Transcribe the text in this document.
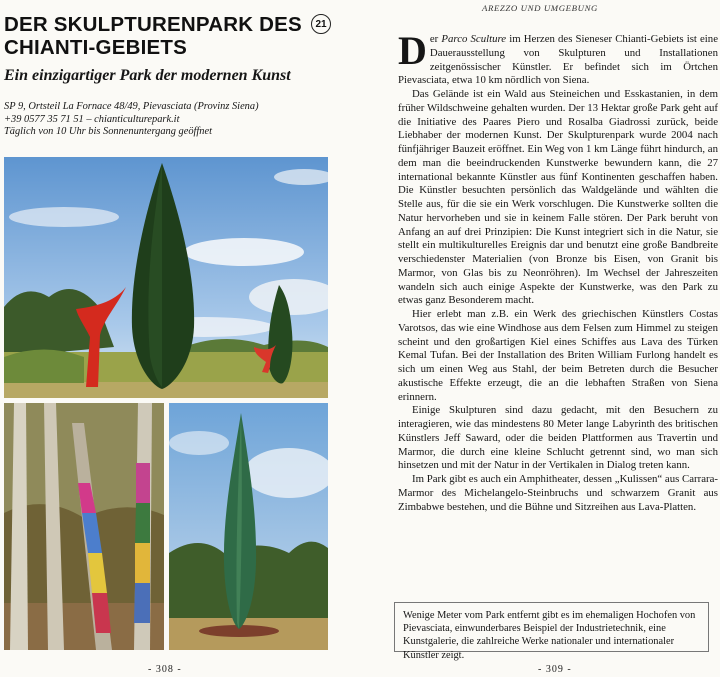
DER SKULPTURENPARK DES CHIANTI-GEBIETS
21
Ein einzigartiger Park der modernen Kunst
SP 9, Ortsteil La Fornace 48/49, Pievasciata (Provinz Siena)
+39 0577 35 71 51 – chianticulturepark.it
Täglich von 10 Uhr bis Sonnenuntergang geöffnet
- 308 -
AREZZO UND UMGEBUNG

Der Parco Sculture im Herzen des Sieneser Chianti-Gebiets ist eine Dauerausstellung von Skulpturen und Installationen zeitgenössischer Künstler. Er befindet sich im Örtchen Pievasciata, etwa 10 km nördlich von Siena.

Das Gelände ist ein Wald aus Steineichen und Esskastanien, in dem früher Wildschweine gehalten wurden. Der 13 Hektar große Park geht auf die Initiative des Paares Piero und Rosalba Giadrossi zurück, beide Liebhaber der modernen Kunst. Der Skulpturenpark wurde 2004 nach fünfjähriger Bauzeit eröffnet. Ein Weg von 1 km Länge führt hindurch, an dem man die beeindruckenden Kunstwerke bewundern kann, die 27 international bekannte Künstler aus fünf Kontinenten geschaffen haben. Die Künstler besuchten persönlich das Waldgelände und wählten die Stelle aus, für die sie ein Werk vorschlugen. Die Kunstwerke sollten die Natur hervorheben und sie in keinem Falle stören. Der Park beruht von Anfang an auf drei Prinzipien: Die Kunst integriert sich in die Natur, sie stellt ein multikulturelles Ereignis dar und benutzt eine große Bandbreite verschiedenster Materialien (von Bronze bis Eisen, von Granit bis Marmor, von Glas bis zu Neonröhren). Im Wechsel der Jahreszeiten wandeln sich auch einige Aspekte der Kunstwerke, was den Park zu etwas ganz Besonderem macht.

Hier erlebt man z.B. ein Werk des griechischen Künstlers Costas Varotsos, das wie eine Windhose aus dem Felsen zum Himmel zu steigen scheint und den großartigen Kiel eines Schiffes aus Lava des Türken Kemal Tufan. Bei der Installation des Briten William Furlong handelt es sich um einen Weg aus Stahl, der beim Betreten durch die Besucher akustische Effekte erzeugt, die an die lebhaften Straßen von Siena erinnern.

Einige Skulpturen sind dazu gedacht, mit den Besuchern zu interagieren, wie das mindestens 80 Meter lange Labyrinth des britischen Künstlers Jeff Saward, oder die beiden Plattformen aus Travertin und Marmor, die durch eine kleine Schlucht getrennt sind, wo man sich hinsetzen und mit der Natur in der Vertikalen in Dialog treten kann.

Im Park gibt es auch ein Amphitheater, dessen „Kulissen“ aus Carrara-Marmor des Michelangelo-Steinbruchs und schwarzem Granit aus Zimbabwe bestehen, und die Bühne und Sitzreihen aus Lava-Platten.

Wenige Meter vom Park entfernt gibt es im ehemaligen Hochofen von Pievasciata, einwunderbares Beispiel der Industrietechnik, eine Kunstgalerie, die zahlreiche Werke nationaler und internationaler Künstler zeigt.
- 309 -
